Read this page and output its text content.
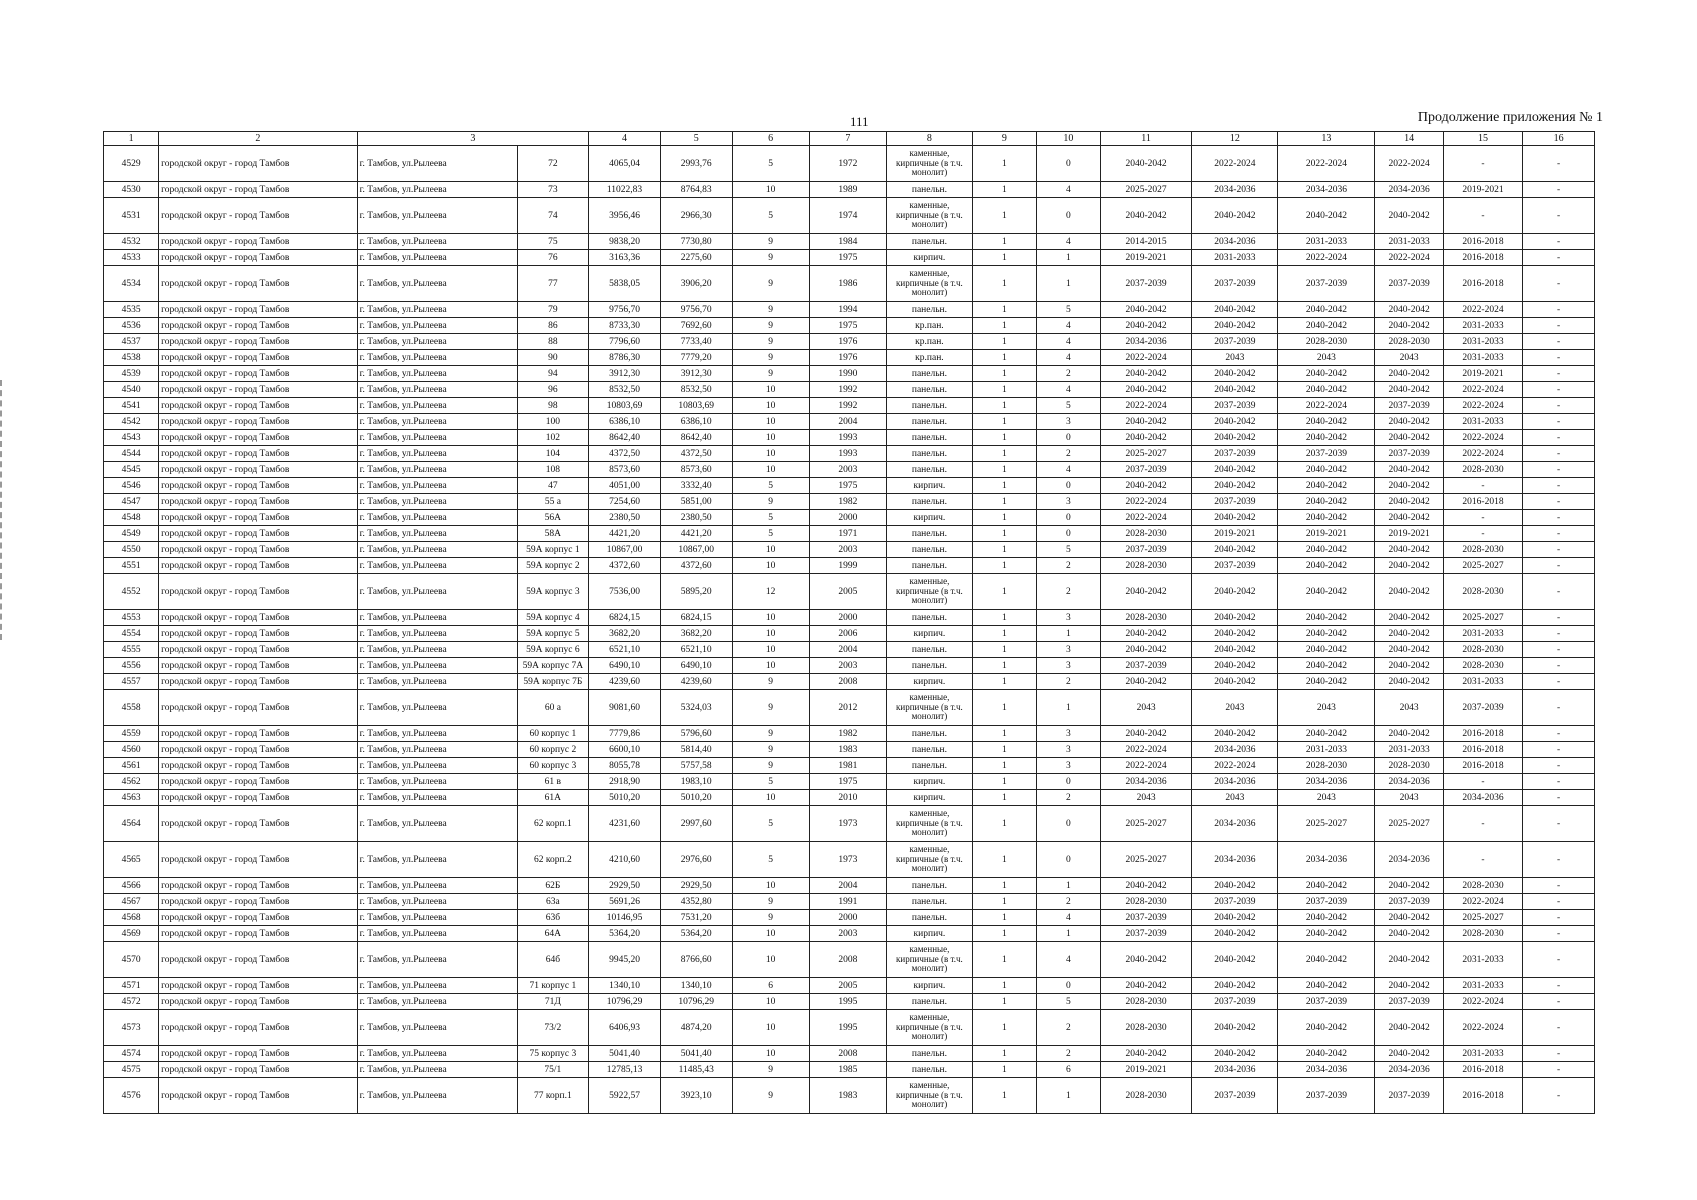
111	Продолжение приложения № 1
1	2	3		4	5	6	7	8	9	10	11	12	13	14	15	16
4529	городской округ - город Тамбов	г. Тамбов, ул.Рылеева	72	4065,04	2993,76	5	1972	каменные, кирпичные (в т.ч. монолит)	1	0	2040-2042	2022-2024	2022-2024	2022-2024	-	-
4530	городской округ - город Тамбов	г. Тамбов, ул.Рылеева	73	11022,83	8764,83	10	1989	панельн.	1	4	2025-2027	2034-2036	2034-2036	2034-2036	2019-2021	-
4531	городской округ - город Тамбов	г. Тамбов, ул.Рылеева	74	3956,46	2966,30	5	1974	каменные, кирпичные (в т.ч. монолит)	1	0	2040-2042	2040-2042	2040-2042	2040-2042	-	-
4532	городской округ - город Тамбов	г. Тамбов, ул.Рылеева	75	9838,20	7730,80	9	1984	панельн.	1	4	2014-2015	2034-2036	2031-2033	2031-2033	2016-2018	-
4533	городской округ - город Тамбов	г. Тамбов, ул.Рылеева	76	3163,36	2275,60	9	1975	кирпич.	1	1	2019-2021	2031-2033	2022-2024	2022-2024	2016-2018	-
4534	городской округ - город Тамбов	г. Тамбов, ул.Рылеева	77	5838,05	3906,20	9	1986	каменные, кирпичные (в т.ч. монолит)	1	1	2037-2039	2037-2039	2037-2039	2037-2039	2016-2018	-
4535	городской округ - город Тамбов	г. Тамбов, ул.Рылеева	79	9756,70	9756,70	9	1994	панельн.	1	5	2040-2042	2040-2042	2040-2042	2040-2042	2022-2024	-
4536	городской округ - город Тамбов	г. Тамбов, ул.Рылеева	86	8733,30	7692,60	9	1975	кр.пан.	1	4	2040-2042	2040-2042	2040-2042	2040-2042	2031-2033	-
4537	городской округ - город Тамбов	г. Тамбов, ул.Рылеева	88	7796,60	7733,40	9	1976	кр.пан.	1	4	2034-2036	2037-2039	2028-2030	2028-2030	2031-2033	-
4538	городской округ - город Тамбов	г. Тамбов, ул.Рылеева	90	8786,30	7779,20	9	1976	кр.пан.	1	4	2022-2024	2043	2043	2043	2031-2033	-
4539	городской округ - город Тамбов	г. Тамбов, ул.Рылеева	94	3912,30	3912,30	9	1990	панельн.	1	2	2040-2042	2040-2042	2040-2042	2040-2042	2019-2021	-
4540	городской округ - город Тамбов	г. Тамбов, ул.Рылеева	96	8532,50	8532,50	10	1992	панельн.	1	4	2040-2042	2040-2042	2040-2042	2040-2042	2022-2024	-
4541	городской округ - город Тамбов	г. Тамбов, ул.Рылеева	98	10803,69	10803,69	10	1992	панельн.	1	5	2022-2024	2037-2039	2022-2024	2037-2039	2022-2024	-
4542	городской округ - город Тамбов	г. Тамбов, ул.Рылеева	100	6386,10	6386,10	10	2004	панельн.	1	3	2040-2042	2040-2042	2040-2042	2040-2042	2031-2033	-
4543	городской округ - город Тамбов	г. Тамбов, ул.Рылеева	102	8642,40	8642,40	10	1993	панельн.	1	0	2040-2042	2040-2042	2040-2042	2040-2042	2022-2024	-
4544	городской округ - город Тамбов	г. Тамбов, ул.Рылеева	104	4372,50	4372,50	10	1993	панельн.	1	2	2025-2027	2037-2039	2037-2039	2037-2039	2022-2024	-
4545	городской округ - город Тамбов	г. Тамбов, ул.Рылеева	108	8573,60	8573,60	10	2003	панельн.	1	4	2037-2039	2040-2042	2040-2042	2040-2042	2028-2030	-
4546	городской округ - город Тамбов	г. Тамбов, ул.Рылеева	47	4051,00	3332,40	5	1975	кирпич.	1	0	2040-2042	2040-2042	2040-2042	2040-2042	-	-
4547	городской округ - город Тамбов	г. Тамбов, ул.Рылеева	55 а	7254,60	5851,00	9	1982	панельн.	1	3	2022-2024	2037-2039	2040-2042	2040-2042	2016-2018	-
4548	городской округ - город Тамбов	г. Тамбов, ул.Рылеева	56А	2380,50	2380,50	5	2000	кирпич.	1	0	2022-2024	2040-2042	2040-2042	2040-2042	-	-
4549	городской округ - город Тамбов	г. Тамбов, ул.Рылеева	58А	4421,20	4421,20	5	1971	панельн.	1	0	2028-2030	2019-2021	2019-2021	2019-2021	-	-
4550	городской округ - город Тамбов	г. Тамбов, ул.Рылеева	59А корпус 1	10867,00	10867,00	10	2003	панельн.	1	5	2037-2039	2040-2042	2040-2042	2040-2042	2028-2030	-
4551	городской округ - город Тамбов	г. Тамбов, ул.Рылеева	59А корпус 2	4372,60	4372,60	10	1999	панельн.	1	2	2028-2030	2037-2039	2040-2042	2040-2042	2025-2027	-
4552	городской округ - город Тамбов	г. Тамбов, ул.Рылеева	59А корпус 3	7536,00	5895,20	12	2005	каменные, кирпичные (в т.ч. монолит)	1	2	2040-2042	2040-2042	2040-2042	2040-2042	2028-2030	-
4553	городской округ - город Тамбов	г. Тамбов, ул.Рылеева	59А корпус 4	6824,15	6824,15	10	2000	панельн.	1	3	2028-2030	2040-2042	2040-2042	2040-2042	2025-2027	-
4554	городской округ - город Тамбов	г. Тамбов, ул.Рылеева	59А корпус 5	3682,20	3682,20	10	2006	кирпич.	1	1	2040-2042	2040-2042	2040-2042	2040-2042	2031-2033	-
4555	городской округ - город Тамбов	г. Тамбов, ул.Рылеева	59А корпус 6	6521,10	6521,10	10	2004	панельн.	1	3	2040-2042	2040-2042	2040-2042	2040-2042	2028-2030	-
4556	городской округ - город Тамбов	г. Тамбов, ул.Рылеева	59А корпус 7А	6490,10	6490,10	10	2003	панельн.	1	3	2037-2039	2040-2042	2040-2042	2040-2042	2028-2030	-
4557	городской округ - город Тамбов	г. Тамбов, ул.Рылеева	59А корпус 7Б	4239,60	4239,60	9	2008	кирпич.	1	2	2040-2042	2040-2042	2040-2042	2040-2042	2031-2033	-
4558	городской округ - город Тамбов	г. Тамбов, ул.Рылеева	60 а	9081,60	5324,03	9	2012	каменные, кирпичные (в т.ч. монолит)	1	1	2043	2043	2043	2043	2037-2039	-
4559	городской округ - город Тамбов	г. Тамбов, ул.Рылеева	60 корпус 1	7779,86	5796,60	9	1982	панельн.	1	3	2040-2042	2040-2042	2040-2042	2040-2042	2016-2018	-
4560	городской округ - город Тамбов	г. Тамбов, ул.Рылеева	60 корпус 2	6600,10	5814,40	9	1983	панельн.	1	3	2022-2024	2034-2036	2031-2033	2031-2033	2016-2018	-
4561	городской округ - город Тамбов	г. Тамбов, ул.Рылеева	60 корпус 3	8055,78	5757,58	9	1981	панельн.	1	3	2022-2024	2022-2024	2028-2030	2028-2030	2016-2018	-
4562	городской округ - город Тамбов	г. Тамбов, ул.Рылеева	61 в	2918,90	1983,10	5	1975	кирпич.	1	0	2034-2036	2034-2036	2034-2036	2034-2036	-	-
4563	городской округ - город Тамбов	г. Тамбов, ул.Рылеева	61А	5010,20	5010,20	10	2010	кирпич.	1	2	2043	2043	2043	2043	2034-2036	-
4564	городской округ - город Тамбов	г. Тамбов, ул.Рылеева	62 корп.1	4231,60	2997,60	5	1973	каменные, кирпичные (в т.ч. монолит)	1	0	2025-2027	2034-2036	2025-2027	2025-2027	-	-
4565	городской округ - город Тамбов	г. Тамбов, ул.Рылеева	62 корп.2	4210,60	2976,60	5	1973	каменные, кирпичные (в т.ч. монолит)	1	0	2025-2027	2034-2036	2034-2036	2034-2036	-	-
4566	городской округ - город Тамбов	г. Тамбов, ул.Рылеева	62Б	2929,50	2929,50	10	2004	панельн.	1	1	2040-2042	2040-2042	2040-2042	2040-2042	2028-2030	-
4567	городской округ - город Тамбов	г. Тамбов, ул.Рылеева	63а	5691,26	4352,80	9	1991	панельн.	1	2	2028-2030	2037-2039	2037-2039	2037-2039	2022-2024	-
4568	городской округ - город Тамбов	г. Тамбов, ул.Рылеева	63б	10146,95	7531,20	9	2000	панельн.	1	4	2037-2039	2040-2042	2040-2042	2040-2042	2025-2027	-
4569	городской округ - город Тамбов	г. Тамбов, ул.Рылеева	64А	5364,20	5364,20	10	2003	кирпич.	1	1	2037-2039	2040-2042	2040-2042	2040-2042	2028-2030	-
4570	городской округ - город Тамбов	г. Тамбов, ул.Рылеева	64б	9945,20	8766,60	10	2008	каменные, кирпичные (в т.ч. монолит)	1	4	2040-2042	2040-2042	2040-2042	2040-2042	2031-2033	-
4571	городской округ - город Тамбов	г. Тамбов, ул.Рылеева	71 корпус 1	1340,10	1340,10	6	2005	кирпич.	1	0	2040-2042	2040-2042	2040-2042	2040-2042	2031-2033	-
4572	городской округ - город Тамбов	г. Тамбов, ул.Рылеева	71Д	10796,29	10796,29	10	1995	панельн.	1	5	2028-2030	2037-2039	2037-2039	2037-2039	2022-2024	-
4573	городской округ - город Тамбов	г. Тамбов, ул.Рылеева	73/2	6406,93	4874,20	10	1995	каменные, кирпичные (в т.ч. монолит)	1	2	2028-2030	2040-2042	2040-2042	2040-2042	2022-2024	-
4574	городской округ - город Тамбов	г. Тамбов, ул.Рылеева	75 корпус 3	5041,40	5041,40	10	2008	панельн.	1	2	2040-2042	2040-2042	2040-2042	2040-2042	2031-2033	-
4575	городской округ - город Тамбов	г. Тамбов, ул.Рылеева	75/1	12785,13	11485,43	9	1985	панельн.	1	6	2019-2021	2034-2036	2034-2036	2034-2036	2016-2018	-
4576	городской округ - город Тамбов	г. Тамбов, ул.Рылеева	77 корп.1	5922,57	3923,10	9	1983	каменные, кирпичные (в т.ч. монолит)	1	1	2028-2030	2037-2039	2037-2039	2037-2039	2016-2018	-
